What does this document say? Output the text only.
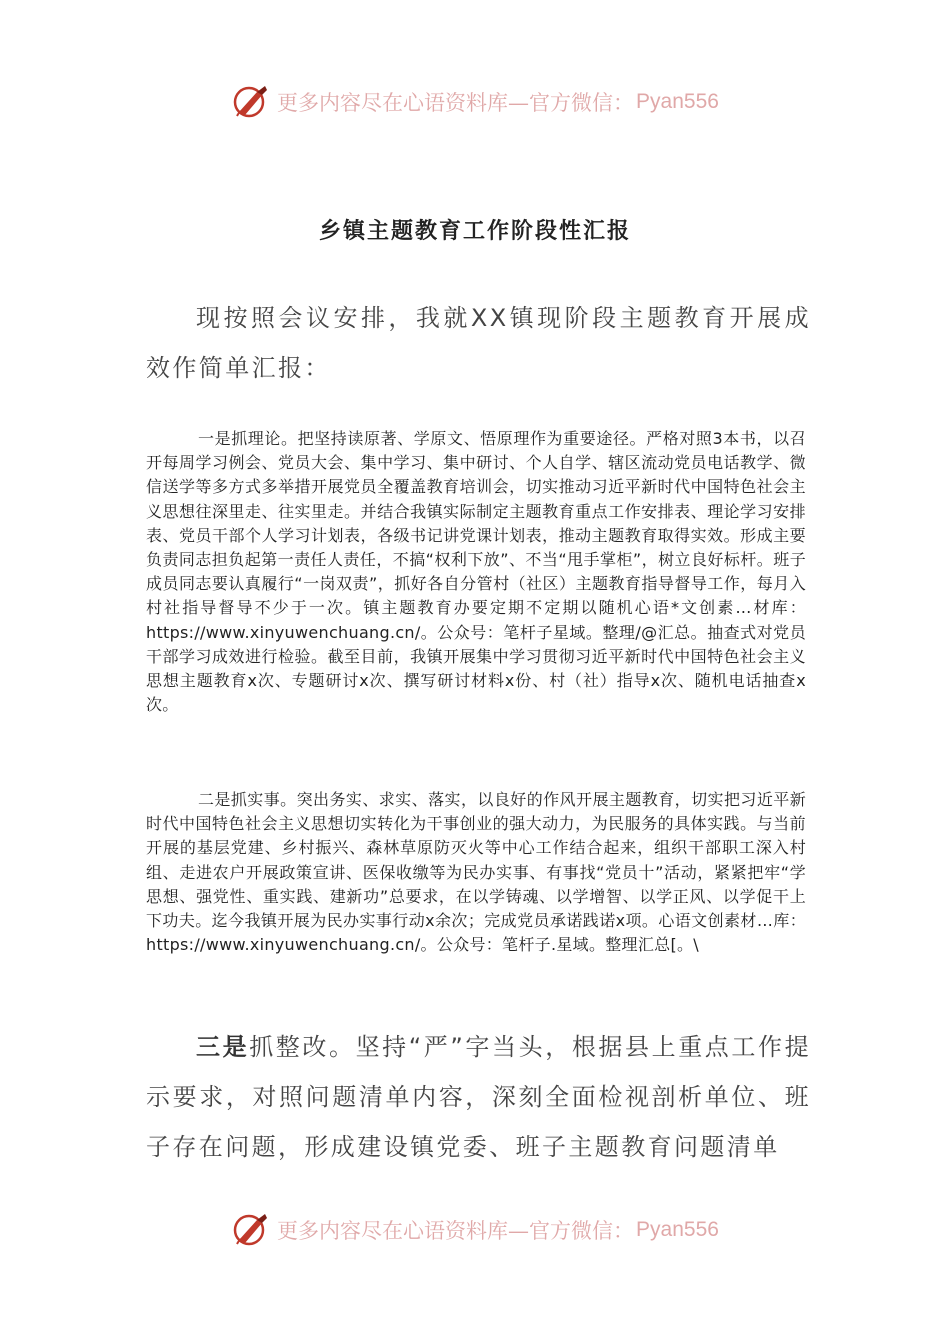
更多内容尽在心语资料库—官方微信： Pyan556
乡镇主题教育工作阶段性汇报

现按照会议安排，我就XX镇现阶段主题教育开展成效作简单汇报：

一是抓理论。把坚持读原著、学原文、悟原理作为重要途径。严格对照3本书，以召开每周学习例会、党员大会、集中学习、集中研讨、个人自学、辖区流动党员电话教学、微信送学等多方式多举措开展党员全覆盖教育培训会，切实推动习近平新时代中国特色社会主义思想往深里走、往实里走。并结合我镇实际制定主题教育重点工作安排表、理论学习安排表、党员干部个人学习计划表，各级书记讲党课计划表，推动主题教育取得实效。形成主要负责同志担负起第一责任人责任，不搞“权利下放”、不当“甩手掌柜”，树立良好标杆。班子成员同志要认真履行“一岗双责”，抓好各自分管村（社区）主题教育指导督导工作，每月入村社指导督导不少于一次。镇主题教育办要定期不定期以随机心语*文创素…材库：https://www.xinyuwenchuang.cn/。公众号：笔杆子星域。整理/@汇总。抽查式对党员干部学习成效进行检验。截至目前，我镇开展集中学习贯彻习近平新时代中国特色社会主义思想主题教育x次、专题研讨x次、撰写研讨材料x份、村（社）指导x次、随机电话抽查x次。

二是抓实事。突出务实、求实、落实，以良好的作风开展主题教育，切实把习近平新时代中国特色社会主义思想切实转化为干事创业的强大动力，为民服务的具体实践。与当前开展的基层党建、乡村振兴、森林草原防灭火等中心工作结合起来，组织干部职工深入村组、走进农户开展政策宣讲、医保收缴等为民办实事、有事找“党员十”活动，紧紧把牢“学思想、强党性、重实践、建新功”总要求，在以学铸魂、以学增智、以学正风、以学促干上下功夫。迄今我镇开展为民办实事行动x余次；完成党员承诺践诺x项。心语文创素材…库：https://www.xinyuwenchuang.cn/。公众号：笔杆子.星域。整理汇总[。\

三是抓整改。坚持“严”字当头，根据县上重点工作提示要求，对照问题清单内容，深刻全面检视剖析单位、班子存在问题，形成建设镇党委、班子主题教育问题清单

更多内容尽在心语资料库—官方微信： Pyan556
